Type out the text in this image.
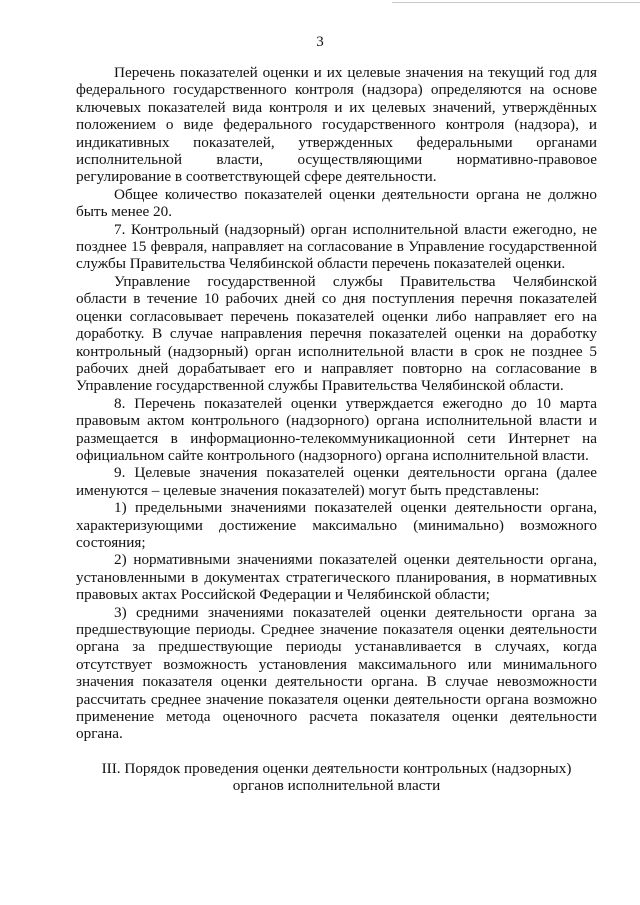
3

Перечень показателей оценки и их целевые значения на текущий год для федерального государственного контроля (надзора) определяются на основе ключевых показателей вида контроля и их целевых значений, утверждённых положением о виде федерального государственного контроля (надзора), и индикативных показателей, утвержденных федеральными органами исполнительной власти, осуществляющими нормативно-правовое регулирование в соответствующей сфере деятельности.

Общее количество показателей оценки деятельности органа не должно быть менее 20.

7. Контрольный (надзорный) орган исполнительной власти ежегодно, не позднее 15 февраля, направляет на согласование в Управление государственной службы Правительства Челябинской области перечень показателей оценки.

Управление государственной службы Правительства Челябинской области в течение 10 рабочих дней со дня поступления перечня показателей оценки согласовывает перечень показателей оценки либо направляет его на доработку. В случае направления перечня показателей оценки на доработку контрольный (надзорный) орган исполнительной власти в срок не позднее 5 рабочих дней дорабатывает его и направляет повторно на согласование в Управление государственной службы Правительства Челябинской области.

8. Перечень показателей оценки утверждается ежегодно до 10 марта правовым актом контрольного (надзорного) органа исполнительной власти и размещается в информационно-телекоммуникационной сети Интернет на официальном сайте контрольного (надзорного) органа исполнительной власти.

9. Целевые значения показателей оценки деятельности органа (далее именуются – целевые значения показателей) могут быть представлены:

1) предельными значениями показателей оценки деятельности органа, характеризующими достижение максимально (минимально) возможного состояния;

2) нормативными значениями показателей оценки деятельности органа, установленными в документах стратегического планирования, в нормативных правовых актах Российской Федерации и Челябинской области;

3) средними значениями показателей оценки деятельности органа за предшествующие периоды. Среднее значение показателя оценки деятельности органа за предшествующие периоды устанавливается в случаях, когда отсутствует возможность установления максимального или минимального значения показателя оценки деятельности органа. В случае невозможности рассчитать среднее значение показателя оценки деятельности органа возможно применение метода оценочного расчета показателя оценки деятельности органа.

III. Порядок проведения оценки деятельности контрольных (надзорных)
органов исполнительной власти
